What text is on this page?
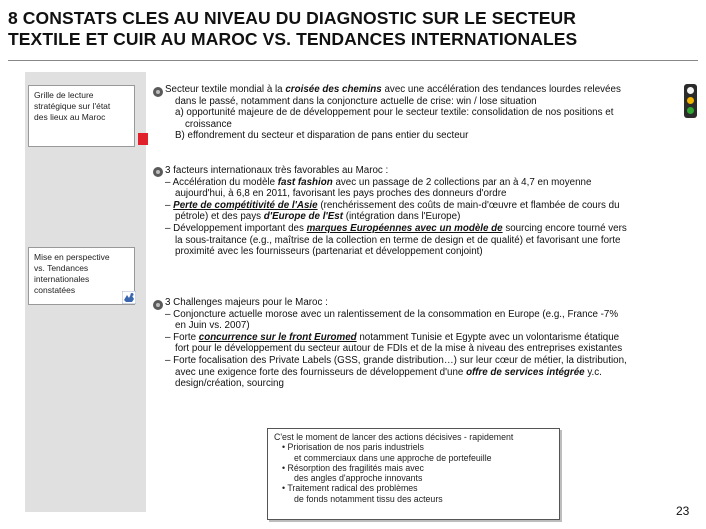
8 CONSTATS CLES AU NIVEAU DU DIAGNOSTIC SUR LE SECTEUR
TEXTILE ET CUIR AU MAROC VS. TENDANCES INTERNATIONALES
Grille de lecture
stratégique sur l'état
des lieux au Maroc
Mise en perspective
vs. Tendances
internationales
constatées
Secteur textile mondial à la croisée des chemins avec une accélération des tendances lourdes relevées
dans le passé, notamment dans la conjoncture actuelle de crise: win / lose situation
a) opportunité majeure de de développement pour le secteur textile: consolidation de nos positions et
croissance
B) effondrement du secteur et disparation de pans entier du secteur
3 facteurs internationaux très favorables au Maroc :
– Accélération du modèle fast fashion avec un passage de 2 collections par an à 4,7 en moyenne
aujourd'hui, à 6,8 en 2011, favorisant les pays proches des donneurs d'ordre
– Perte de compétitivité de l'Asie (renchérissement des coûts de main-d'œuvre et flambée de cours du
pétrole) et des pays d'Europe de l'Est (intégration dans l'Europe)
– Développement important des marques Européennes avec un modèle de sourcing encore tourné vers
la sous-traitance (e.g., maîtrise de la collection en terme de design et de qualité) et favorisant une forte
proximité avec les fournisseurs (partenariat et développement conjoint)
3 Challenges majeurs pour le Maroc :
– Conjoncture actuelle morose avec un ralentissement de la consommation en Europe (e.g., France -7%
en Juin vs. 2007)
– Forte concurrence sur le front Euromed notamment Tunisie et Egypte avec un volontarisme étatique
fort pour le développement du secteur autour de FDIs et de la mise à niveau des entreprises existantes
– Forte focalisation des Private Labels (GSS, grande distribution…) sur leur cœur de métier, la distribution,
avec une exigence forte des fournisseurs de développement d'une offre de services intégrée y.c.
design/création, sourcing
C'est le moment de lancer des actions décisives - rapidement
• Priorisation de nos paris industriels
et commerciaux dans une approche de portefeuille
• Résorption des fragilités mais avec
des angles d'approche innovants
• Traitement radical des problèmes
de fonds notamment tissu des acteurs
23
